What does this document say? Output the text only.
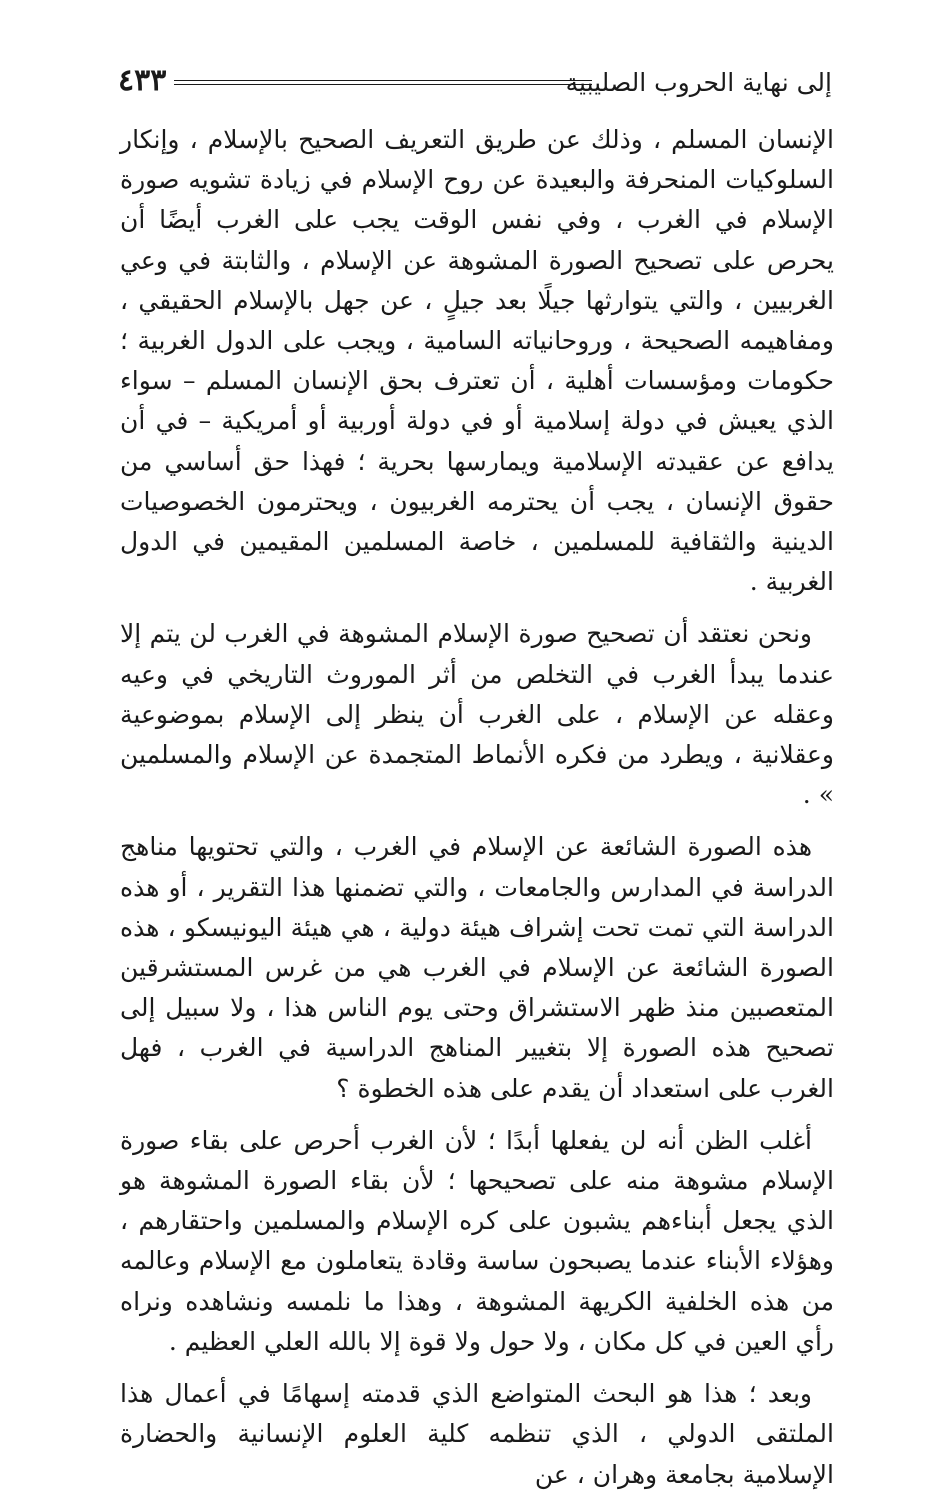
إلى نهاية الحروب الصليبية
٤٣٣

الإنسان المسلم ، وذلك عن طريق التعريف الصحيح بالإسلام ، وإنكار السلوكيات المنحرفة والبعيدة عن روح الإسلام في زيادة تشويه صورة الإسلام في الغرب ، وفي نفس الوقت يجب على الغرب أيضًا أن يحرص على تصحيح الصورة المشوهة عن الإسلام ، والثابتة في وعي الغربيين ، والتي يتوارثها جيلًا بعد جيلٍ ، عن جهل بالإسلام الحقيقي ، ومفاهيمه الصحيحة ، وروحانياته السامية ، ويجب على الدول الغربية ؛ حكومات ومؤسسات أهلية ، أن تعترف بحق الإنسان المسلم – سواء الذي يعيش في دولة إسلامية أو في دولة أوربية أو أمريكية – في أن يدافع عن عقيدته الإسلامية ويمارسها بحرية ؛ فهذا حق أساسي من حقوق الإنسان ، يجب أن يحترمه الغربيون ، ويحترمون الخصوصيات الدينية والثقافية للمسلمين ، خاصة المسلمين المقيمين في الدول الغربية .

ونحن نعتقد أن تصحيح صورة الإسلام المشوهة في الغرب لن يتم إلا عندما يبدأ الغرب في التخلص من أثر الموروث التاريخي في وعيه وعقله عن الإسلام ، على الغرب أن ينظر إلى الإسلام بموضوعية وعقلانية ، ويطرد من فكره الأنماط المتجمدة عن الإسلام والمسلمين » .

هذه الصورة الشائعة عن الإسلام في الغرب ، والتي تحتويها مناهج الدراسة في المدارس والجامعات ، والتي تضمنها هذا التقرير ، أو هذه الدراسة التي تمت تحت إشراف هيئة دولية ، هي هيئة اليونيسكو ، هذه الصورة الشائعة عن الإسلام في الغرب هي من غرس المستشرقين المتعصبين منذ ظهر الاستشراق وحتى يوم الناس هذا ، ولا سبيل إلى تصحيح هذه الصورة إلا بتغيير المناهج الدراسية في الغرب ، فهل الغرب على استعداد أن يقدم على هذه الخطوة ؟

أغلب الظن أنه لن يفعلها أبدًا ؛ لأن الغرب أحرص على بقاء صورة الإسلام مشوهة منه على تصحيحها ؛ لأن بقاء الصورة المشوهة هو الذي يجعل أبناءهم يشبون على كره الإسلام والمسلمين واحتقارهم ، وهؤلاء الأبناء عندما يصبحون ساسة وقادة يتعاملون مع الإسلام وعالمه من هذه الخلفية الكريهة المشوهة ، وهذا ما نلمسه ونشاهده ونراه رأي العين في كل مكان ، ولا حول ولا قوة إلا بالله العلي العظيم .

وبعد ؛ هذا هو البحث المتواضع الذي قدمته إسهامًا في أعمال هذا الملتقى الدولي ، الذي تنظمه كلية العلوم الإنسانية والحضارة الإسلامية بجامعة وهران ، عن
